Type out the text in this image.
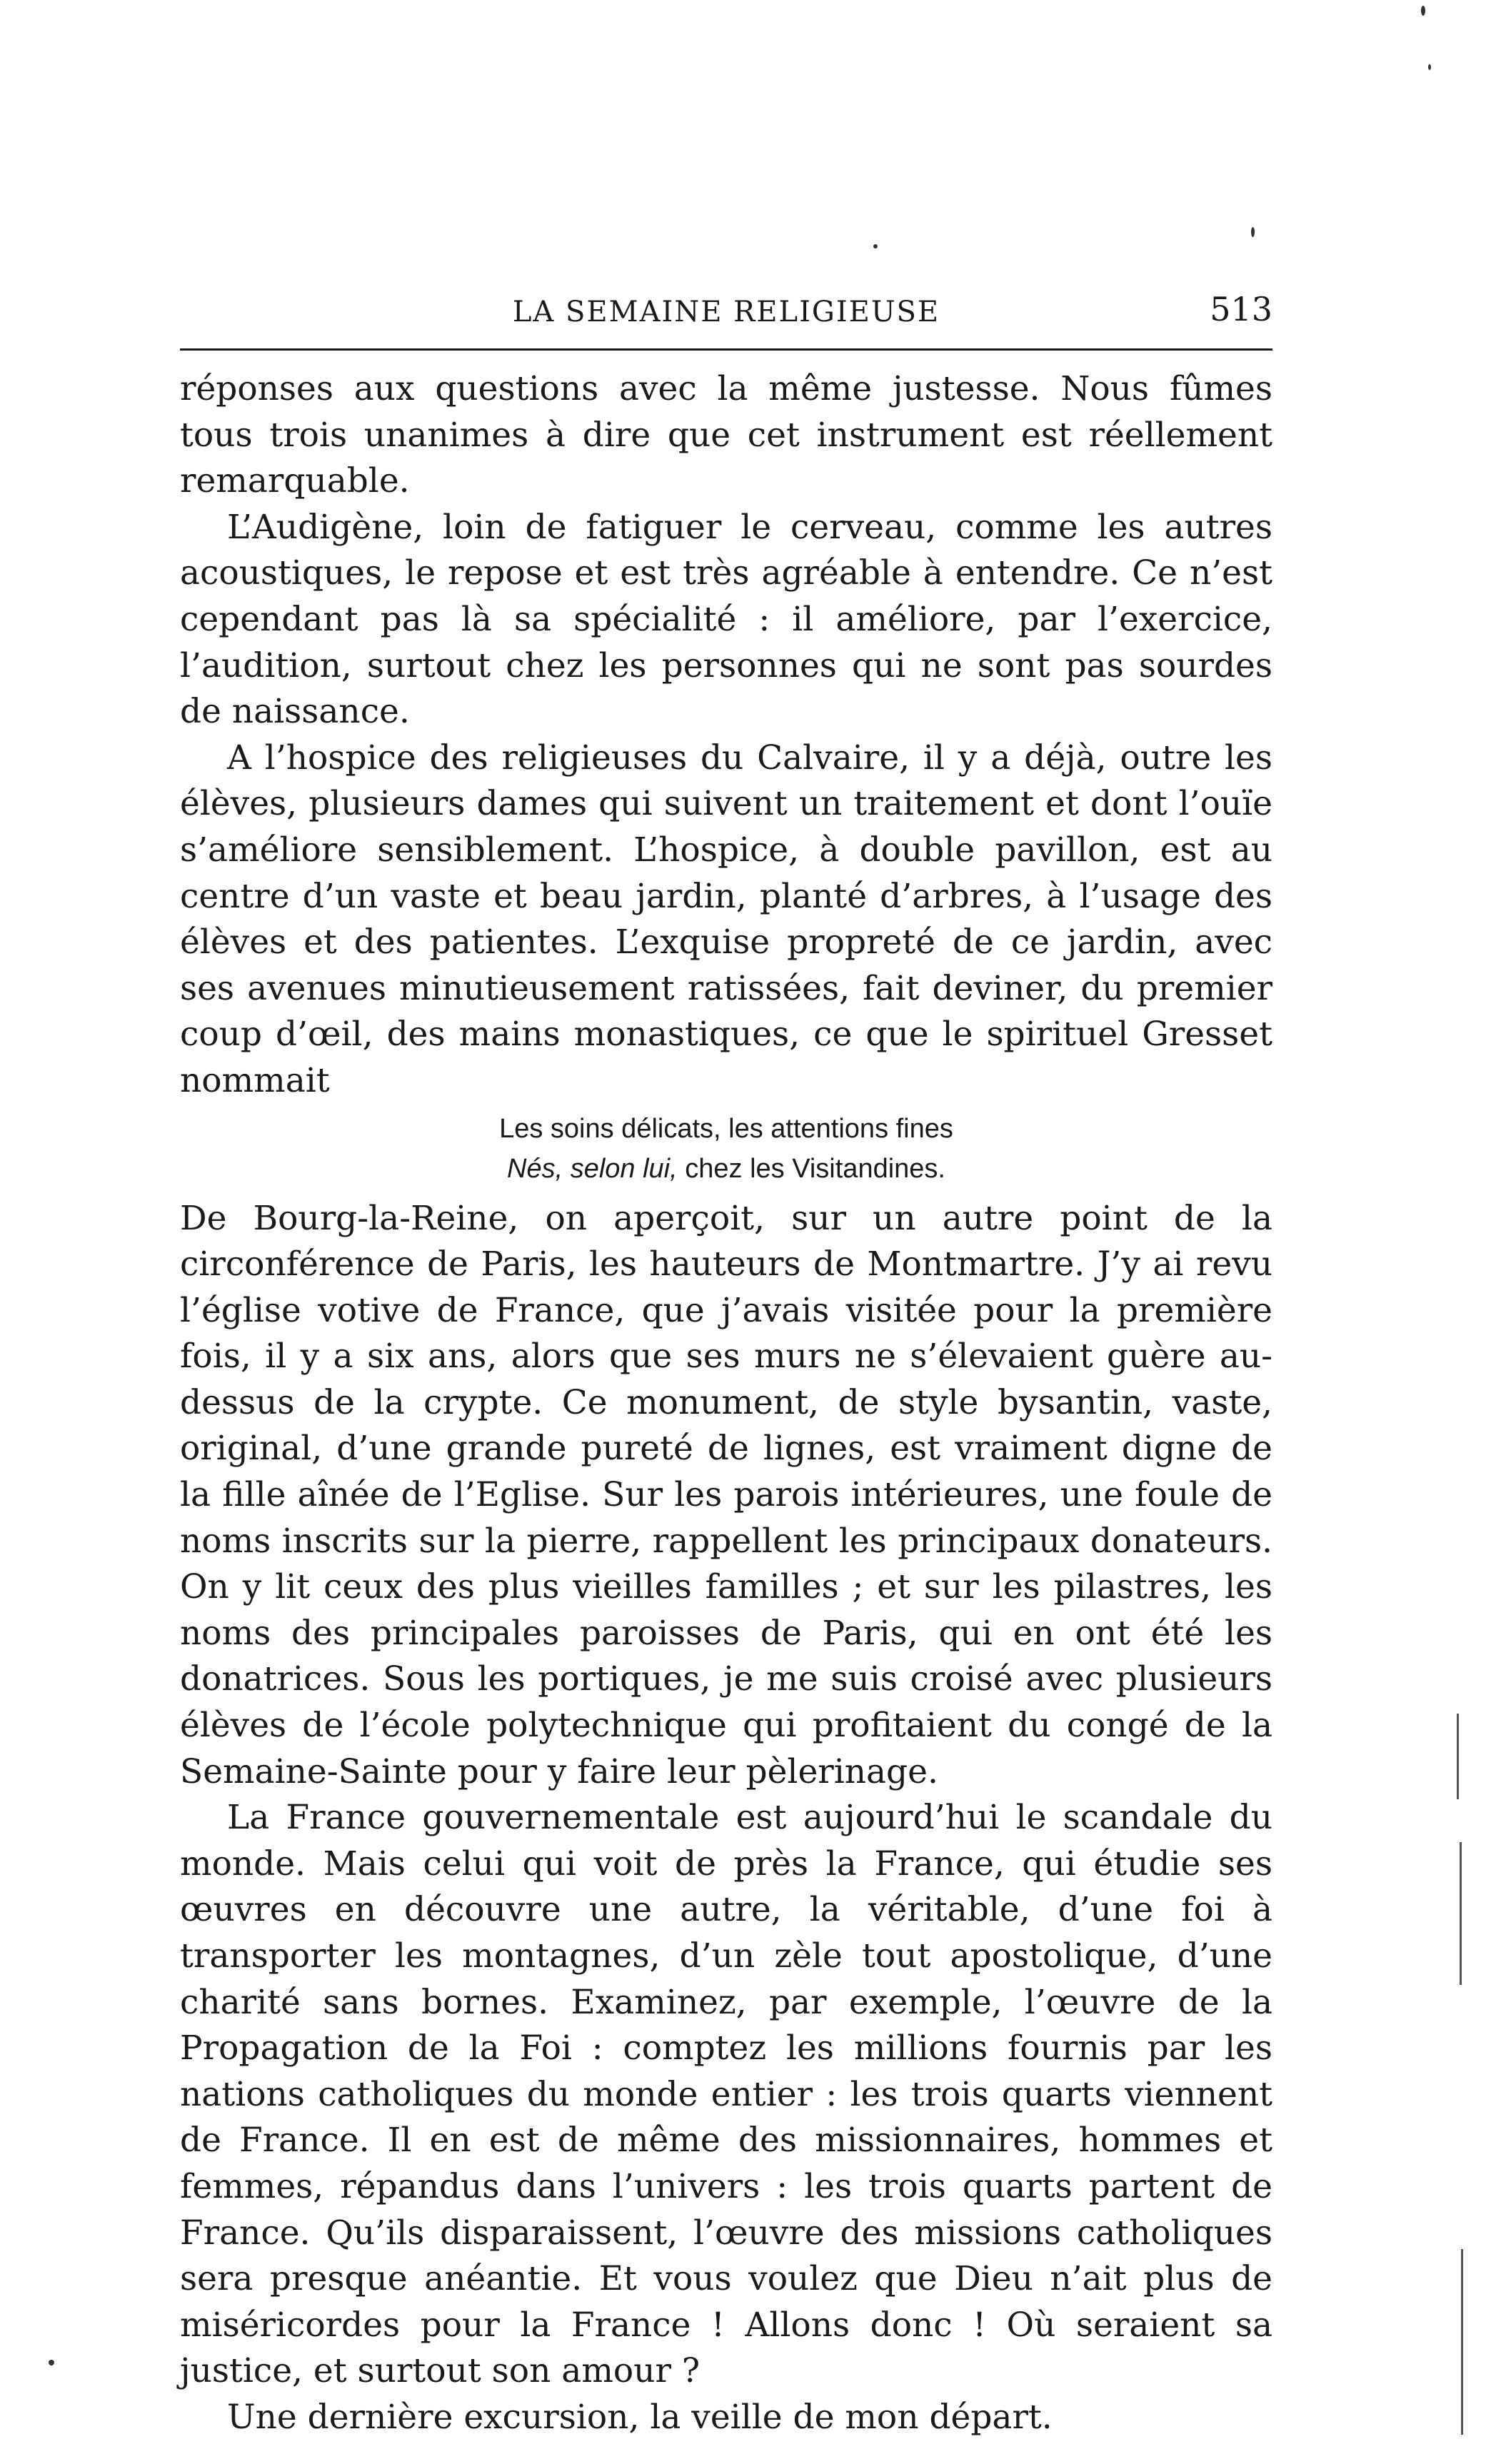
LA SEMAINE RELIGIEUSE	513

réponses aux questions avec la même justesse. Nous fûmes tous trois unanimes à dire que cet instrument est réellement remarquable.

L’Audigène, loin de fatiguer le cerveau, comme les autres acoustiques, le repose et est très agréable à entendre. Ce n’est cependant pas là sa spécialité : il améliore, par l’exercice, l’audition, surtout chez les personnes qui ne sont pas sourdes de naissance.

A l’hospice des religieuses du Calvaire, il y a déjà, outre les élèves, plusieurs dames qui suivent un traitement et dont l’ouïe s’améliore sensiblement. L’hospice, à double pavillon, est au centre d’un vaste et beau jardin, planté d’arbres, à l’usage des élèves et des patientes. L’exquise propreté de ce jardin, avec ses avenues minutieusement ratissées, fait deviner, du premier coup d’œil, des mains monastiques, ce que le spirituel Gresset nommait

Les soins délicats, les attentions fines
Nés, selon lui, chez les Visitandines.

De Bourg-la-Reine, on aperçoit, sur un autre point de la circonférence de Paris, les hauteurs de Montmartre. J’y ai revu l’église votive de France, que j’avais visitée pour la première fois, il y a six ans, alors que ses murs ne s’élevaient guère au-dessus de la crypte. Ce monument, de style bysantin, vaste, original, d’une grande pureté de lignes, est vraiment digne de la fille aînée de l’Eglise. Sur les parois intérieures, une foule de noms inscrits sur la pierre, rappellent les principaux donateurs. On y lit ceux des plus vieilles familles ; et sur les pilastres, les noms des principales paroisses de Paris, qui en ont été les donatrices. Sous les portiques, je me suis croisé avec plusieurs élèves de l’école polytechnique qui profitaient du congé de la Semaine-Sainte pour y faire leur pèlerinage.

La France gouvernementale est aujourd’hui le scandale du monde. Mais celui qui voit de près la France, qui étudie ses œuvres en découvre une autre, la véritable, d’une foi à transporter les montagnes, d’un zèle tout apostolique, d’une charité sans bornes. Examinez, par exemple, l’œuvre de la Propagation de la Foi : comptez les millions fournis par les nations catholiques du monde entier : les trois quarts viennent de France. Il en est de même des missionnaires, hommes et femmes, répandus dans l’univers : les trois quarts partent de France. Qu’ils disparaissent, l’œuvre des missions catholiques sera presque anéantie. Et vous voulez que Dieu n’ait plus de miséricordes pour la France ! Allons donc ! Où seraient sa justice, et surtout son amour ?

Une dernière excursion, la veille de mon départ.
